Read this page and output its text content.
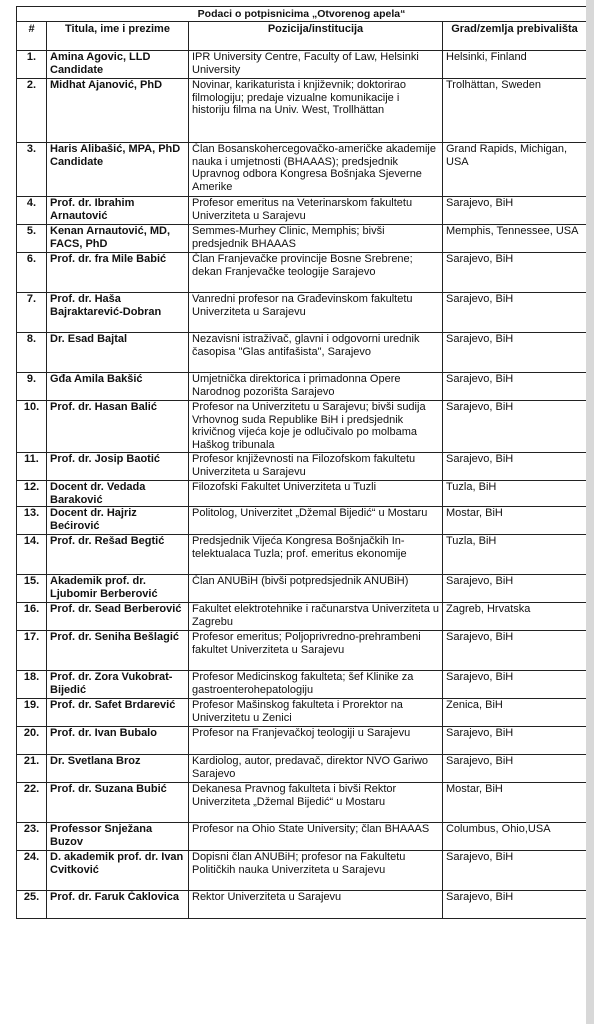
Podaci o potpisnicima „Otvorenog apela“			
#	Titula, ime i prezime	Pozicija/institucija	Grad/zemlja prebivališta
1.	Amina Agovic, LLD Candidate	IPR University Centre, Faculty of Law, Helsinki University	Helsinki, Finland
2.	Midhat Ajanović, PhD	Novinar, karikaturista i književnik; doktorirao filmologiju; predaje vizualne komunikacije i historiju filma na Univ. West, Trollhättan	Trolhättan, Sweden
3.	Haris Alibašić, MPA, PhD Candidate	Član Bosanskohercegovačko-američke akademije nauka i umjetnosti (BHAAAS); predsjednik Upravnog odbora Kongresa Bošnjaka Sjeverne Amerike	Grand Rapids, Michigan, USA
4.	Prof. dr. Ibrahim Arnautović	Profesor emeritus na Veterinarskom fakultetu Univerziteta u Sarajevu	Sarajevo, BiH
5.	Kenan Arnautović, MD, FACS, PhD	Semmes-Murhey Clinic, Memphis; bivši predsjednik BHAAAS	Memphis, Tennessee, USA
6.	Prof. dr. fra Mile Babić	Član Franjevačke provincije Bosne Srebrene; dekan Franjevačke teologije Sarajevo	Sarajevo, BiH
7.	Prof. dr. Haša Bajraktarević-Dobran	Vanredni profesor na Građevinskom fakultetu Univerziteta u Sarajevu	Sarajevo, BiH
8.	Dr. Esad Bajtal	Nezavisni istraživač, glavni i odgovorni urednik časopisa "Glas antifašista", Sarajevo	Sarajevo, BiH
9.	Gđa Amila Bakšić	Umjetnička direktorica i primadonna Opere Narodnog pozorišta Sarajevo	Sarajevo, BiH
10.	Prof. dr. Hasan Balić	Profesor na Univerzitetu u Sarajevu; bivši sudija Vrhovnog suda Republike BiH i predsjednik krivičnog vijeća koje je odlučivalo po molbama Haškog tribunala	Sarajevo, BiH
11.	Prof. dr. Josip Baotić	Profesor književnosti na Filozofskom fakultetu Univerziteta u Sarajevu	Sarajevo, BiH
12.	Docent dr. Vedada Baraković	Filozofski Fakultet Univerziteta u Tuzli	Tuzla, BiH
13.	Docent dr. Hajriz Bećirović	Politolog, Univerzitet „Džemal Bijedić“ u Mostaru	Mostar, BiH
14.	Prof. dr. Rešad Begtić	Predsjednik Vijeća Kongresa Bošnjačkih In-telektualaca Tuzla; prof. emeritus ekonomije	Tuzla, BiH
15.	Akademik prof. dr. Ljubomir Berberović	Član ANUBiH (bivši potpredsjednik ANUBiH)	Sarajevo, BiH
16.	Prof. dr. Sead Berberović	Fakultet elektrotehnike i računarstva Univerziteta u Zagrebu	Zagreb, Hrvatska
17.	Prof. dr. Seniha Bešlagić	Profesor emeritus; Poljoprivredno-prehrambeni fakultet Univerziteta u Sarajevu	Sarajevo, BiH
18.	Prof. dr. Zora Vukobrat-Bijedić	Profesor Medicinskog fakulteta; šef Klinike za gastroenterohepatologiju	Sarajevo, BiH
19.	Prof. dr. Safet Brdarević	Profesor Mašinskog fakulteta i Prorektor na Univerzitetu u Zenici	Zenica, BiH
20.	Prof. dr. Ivan Bubalo	Profesor na Franjevačkoj teologiji u Sarajevu	Sarajevo, BiH
21.	Dr. Svetlana Broz	Kardiolog, autor, predavač, direktor NVO Gariwo Sarajevo	Sarajevo, BiH
22.	Prof. dr. Suzana Bubić	Dekanesa Pravnog fakulteta i bivši Rektor Univerziteta „Džemal Bijedić“ u Mostaru	Mostar, BiH
23.	Professor Snježana Buzov	Profesor na Ohio State University; član BHAAAS	Columbus, Ohio,USA
24.	D. akademik prof. dr. Ivan Cvitković	Dopisni član ANUBiH; profesor na Fakultetu Političkih nauka Univerziteta u Sarajevu	Sarajevo, BiH
25.	Prof. dr. Faruk Čaklovica	Rektor Univerziteta u Sarajevu	Sarajevo, BiH
